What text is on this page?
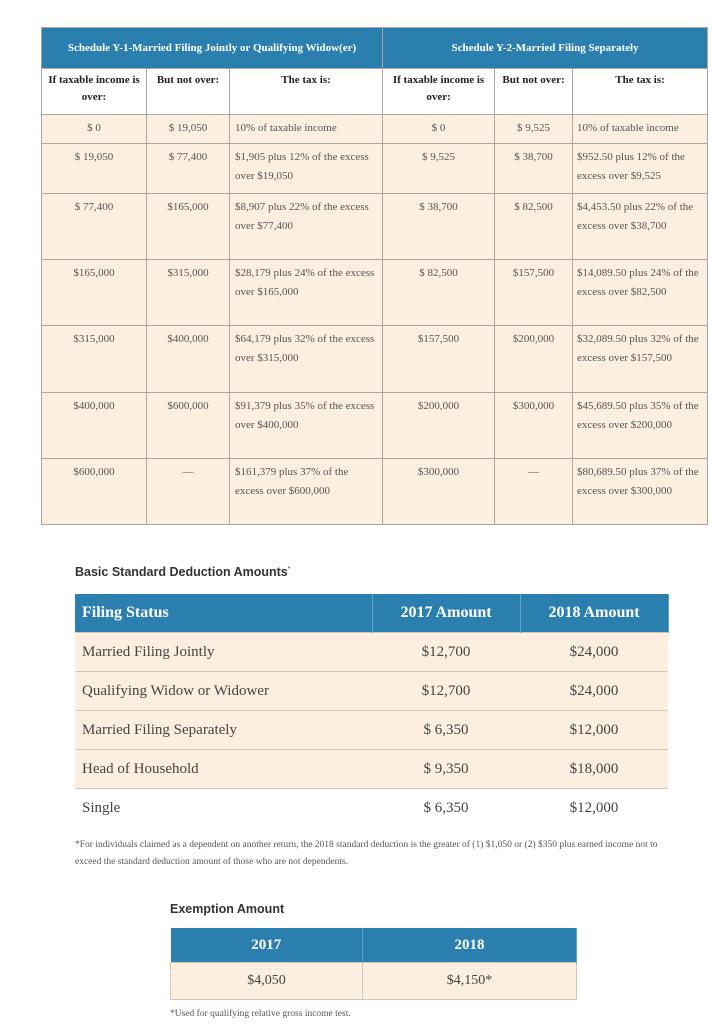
Schedule Y-1-Married Filing Jointly or Qualifying Widow(er)			Schedule Y-2-Married Filing Separately		
If taxable income is over:	But not over:	The tax is:	If taxable income is over:	But not over:	The tax is:
$ 0	$ 19,050	10% of taxable income	$ 0	$ 9,525	10% of taxable income
$ 19,050	$ 77,400	$1,905 plus 12% of the excess over $19,050	$ 9,525	$ 38,700	$952.50 plus 12% of the excess over $9,525
$ 77,400	$165,000	$8,907 plus 22% of the excess over $77,400	$ 38,700	$ 82,500	$4,453.50 plus 22% of the excess over $38,700
$165,000	$315,000	$28,179 plus 24% of the excess over $165,000	$ 82,500	$157,500	$14,089.50 plus 24% of the excess over $82,500
$315,000	$400,000	$64,179 plus 32% of the excess over $315,000	$157,500	$200,000	$32,089.50 plus 32% of the excess over $157,500
$400,000	$600,000	$91,379 plus 35% of the excess over $400,000	$200,000	$300,000	$45,689.50 plus 35% of the excess over $200,000
$600,000	—	$161,379 plus 37% of the excess over $600,000	$300,000	—	$80,689.50 plus 37% of the excess over $300,000
Basic Standard Deduction Amounts*
Filing Status	2017 Amount	2018 Amount
Married Filing Jointly	$12,700	$24,000
Qualifying Widow or Widower	$12,700	$24,000
Married Filing Separately	$ 6,350	$12,000
Head of Household	$ 9,350	$18,000
Single	$ 6,350	$12,000
*For individuals claimed as a dependent on another return, the 2018 standard deduction is the greater of (1) $1,050 or (2) $350 plus earned income not to exceed the standard deduction amount of those who are not dependents.
Exemption Amount
2017	2018
$4,050	$4,150*
*Used for qualifying relative gross income test.
